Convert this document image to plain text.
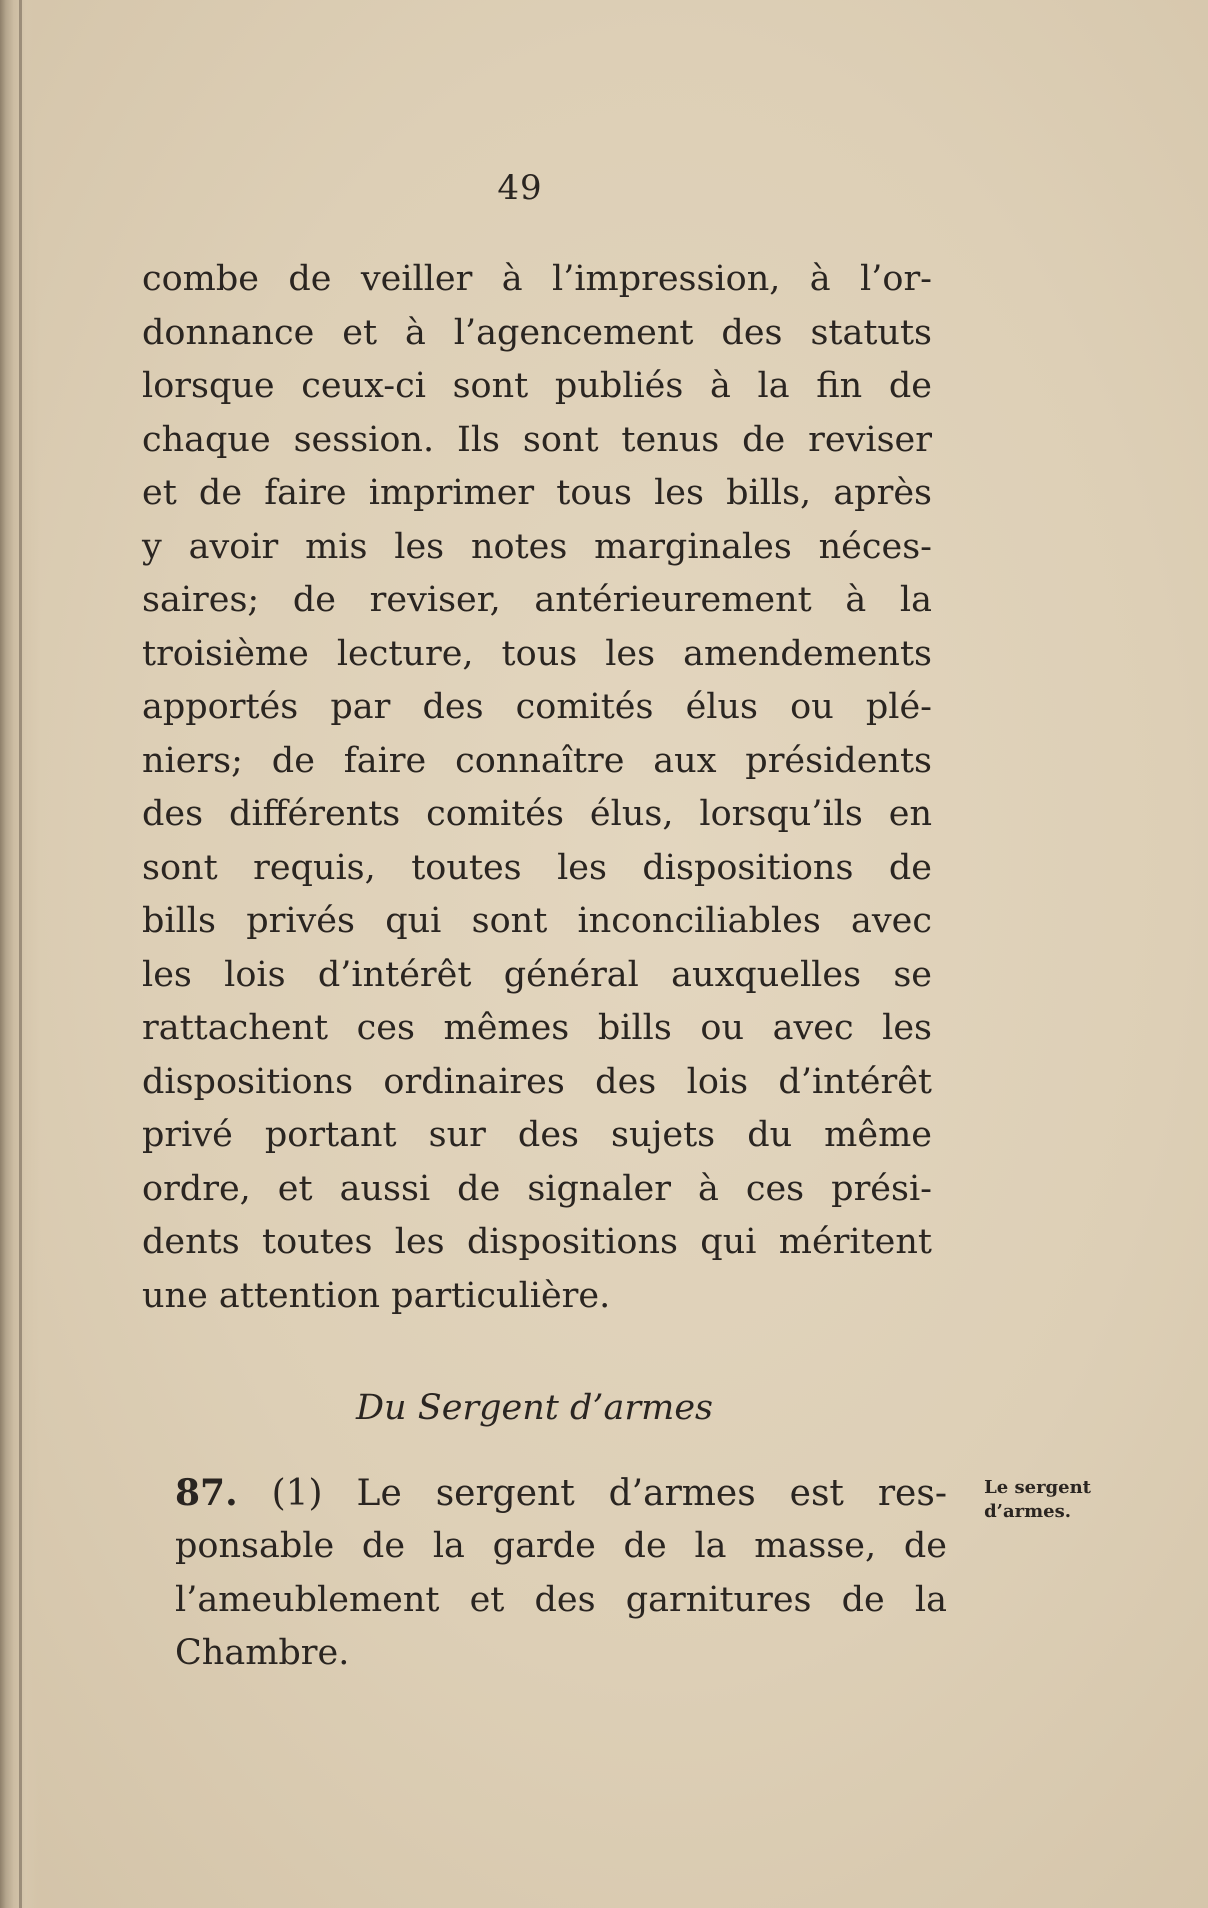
49
combe de veiller à l’impression, à l’or-
donnance et à l’agencement des statuts
lorsque ceux-ci sont publiés à la fin de
chaque session. Ils sont tenus de reviser
et de faire imprimer tous les bills, après
y avoir mis les notes marginales néces-
saires; de reviser, antérieurement à la
troisième lecture, tous les amendements
apportés par des comités élus ou plé-
niers; de faire connaître aux présidents
des différents comités élus, lorsqu’ils en
sont requis, toutes les dispositions de
bills privés qui sont inconciliables avec
les lois d’intérêt général auxquelles se
rattachent ces mêmes bills ou avec les
dispositions ordinaires des lois d’intérêt
privé portant sur des sujets du même
ordre, et aussi de signaler à ces prési-
dents toutes les dispositions qui méritent
une attention particulière.
Du Sergent d’armes
87. (1) Le sergent d’armes est res-
ponsable de la garde de la masse, de
l’ameublement et des garnitures de la
Chambre.
Le sergent
d’armes.
